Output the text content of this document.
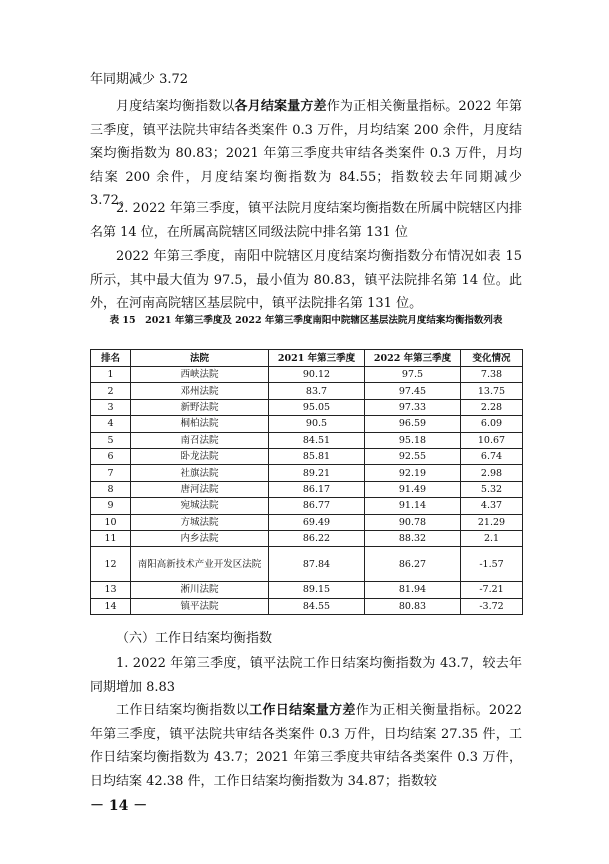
年同期减少 3.72

月度结案均衡指数以各月结案量方差作为正相关衡量指标。2022 年第三季度，镇平法院共审结各类案件 0.3 万件，月均结案 200 余件，月度结案均衡指数为 80.83；2021 年第三季度共审结各类案件 0.3 万件，月均结案 200 余件，月度结案均衡指数为 84.55；指数较去年同期减少 3.72。

2. 2022 年第三季度，镇平法院月度结案均衡指数在所属中院辖区内排名第 14 位，在所属高院辖区同级法院中排名第 131 位

2022 年第三季度，南阳中院辖区月度结案均衡指数分布情况如表 15 所示，其中最大值为 97.5，最小值为 80.83，镇平法院排名第 14 位。此外，在河南高院辖区基层院中，镇平法院排名第 131 位。

表 15　2021 年第三季度及 2022 年第三季度南阳中院辖区基层法院月度结案均衡指数列表

排名	法院	2021 年第三季度	2022 年第三季度	变化情况
1	西峡法院	90.12	97.5	7.38
2	邓州法院	83.7	97.45	13.75
3	新野法院	95.05	97.33	2.28
4	桐柏法院	90.5	96.59	6.09
5	南召法院	84.51	95.18	10.67
6	卧龙法院	85.81	92.55	6.74
7	社旗法院	89.21	92.19	2.98
8	唐河法院	86.17	91.49	5.32
9	宛城法院	86.77	91.14	4.37
10	方城法院	69.49	90.78	21.29
11	内乡法院	86.22	88.32	2.1
12	南阳高新技术产业开发区法院	87.84	86.27	-1.57
13	淅川法院	89.15	81.94	-7.21
14	镇平法院	84.55	80.83	-3.72

（六）工作日结案均衡指数

1. 2022 年第三季度，镇平法院工作日结案均衡指数为 43.7，较去年同期增加 8.83

工作日结案均衡指数以工作日结案量方差作为正相关衡量指标。2022 年第三季度，镇平法院共审结各类案件 0.3 万件，日均结案 27.35 件，工作日结案均衡指数为 43.7；2021 年第三季度共审结各类案件 0.3 万件，日均结案 42.38 件，工作日结案均衡指数为 34.87；指数较

－ 14 －
